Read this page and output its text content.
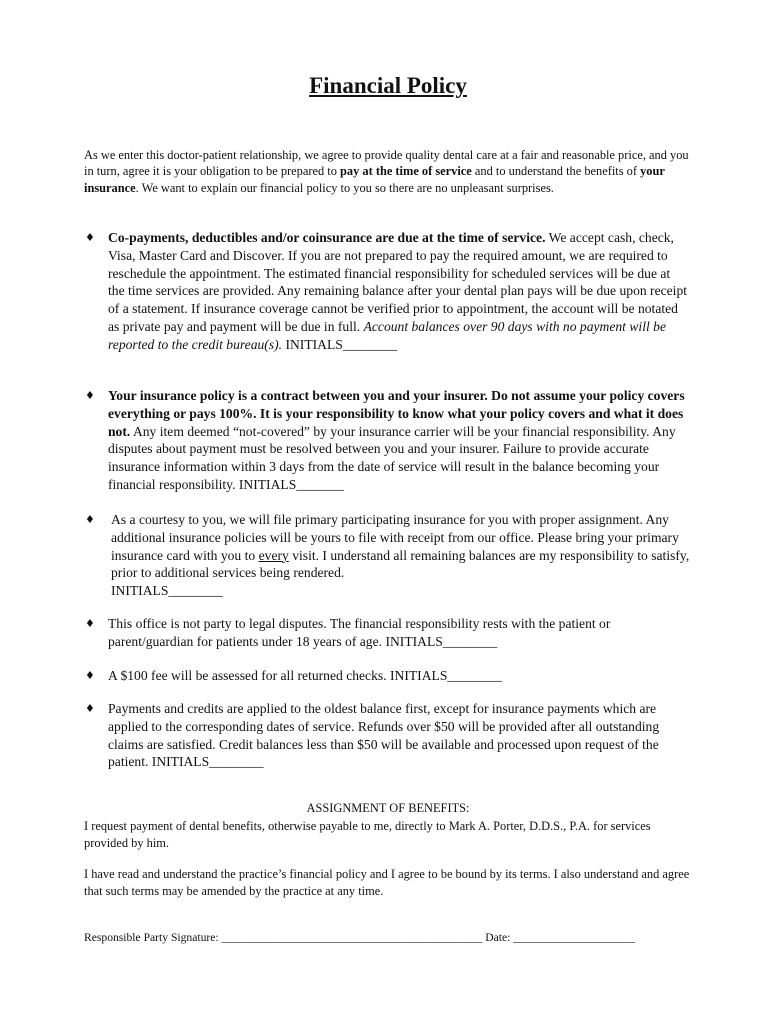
Financial Policy
As we enter this doctor-patient relationship, we agree to provide quality dental care at a fair and reasonable price, and you in turn, agree it is your obligation to be prepared to pay at the time of service and to understand the benefits of your insurance. We want to explain our financial policy to you so there are no unpleasant surprises.
♦ Co-payments, deductibles and/or coinsurance are due at the time of service. We accept cash, check, Visa, Master Card and Discover. If you are not prepared to pay the required amount, we are required to reschedule the appointment. The estimated financial responsibility for scheduled services will be due at the time services are provided. Any remaining balance after your dental plan pays will be due upon receipt of a statement. If insurance coverage cannot be verified prior to appointment, the account will be notated as private pay and payment will be due in full. Account balances over 90 days with no payment will be reported to the credit bureau(s). INITIALS________
♦ Your insurance policy is a contract between you and your insurer. Do not assume your policy covers everything or pays 100%. It is your responsibility to know what your policy covers and what it does not. Any item deemed “not-covered” by your insurance carrier will be your financial responsibility. Any disputes about payment must be resolved between you and your insurer. Failure to provide accurate insurance information within 3 days from the date of service will result in the balance becoming your financial responsibility. INITIALS_______
♦ As a courtesy to you, we will file primary participating insurance for you with proper assignment. Any additional insurance policies will be yours to file with receipt from our office. Please bring your primary insurance card with you to every visit. I understand all remaining balances are my responsibility to satisfy, prior to additional services being rendered.
INITIALS________
♦ This office is not party to legal disputes. The financial responsibility rests with the patient or parent/guardian for patients under 18 years of age. INITIALS________
♦ A $100 fee will be assessed for all returned checks. INITIALS________
♦ Payments and credits are applied to the oldest balance first, except for insurance payments which are applied to the corresponding dates of service. Refunds over $50 will be provided after all outstanding claims are satisfied. Credit balances less than $50 will be available and processed upon request of the patient. INITIALS________
ASSIGNMENT OF BENEFITS:
I request payment of dental benefits, otherwise payable to me, directly to Mark A. Porter, D.D.S., P.A. for services provided by him.
I have read and understand the practice’s financial policy and I agree to be bound by its terms. I also understand and agree that such terms may be amended by the practice at any time.
Responsible Party Signature: _____________________________________________ Date: _____________________
